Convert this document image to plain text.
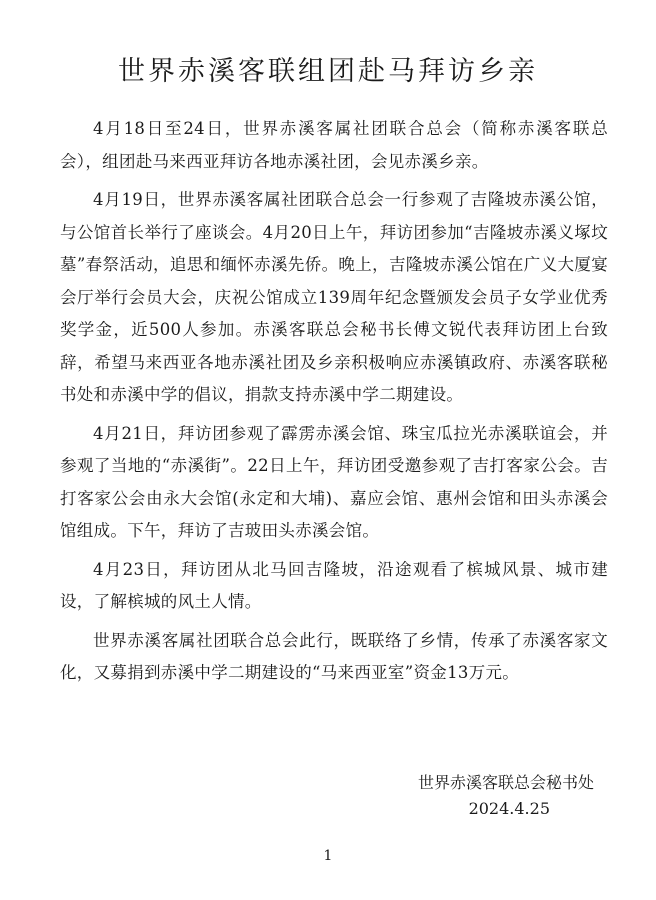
世界赤溪客联组团赴马拜访乡亲

4月18日至24日，世界赤溪客属社团联合总会（简称赤溪客联总会），组团赴马来西亚拜访各地赤溪社团，会见赤溪乡亲。

4月19日，世界赤溪客属社团联合总会一行参观了吉隆坡赤溪公馆，与公馆首长举行了座谈会。4月20日上午，拜访团参加“吉隆坡赤溪义塚坟墓”春祭活动，追思和缅怀赤溪先侨。晚上，吉隆坡赤溪公馆在广义大厦宴会厅举行会员大会，庆祝公馆成立139周年纪念暨颁发会员子女学业优秀奖学金，近500人参加。赤溪客联总会秘书长傅文锐代表拜访团上台致辞，希望马来西亚各地赤溪社团及乡亲积极响应赤溪镇政府、赤溪客联秘书处和赤溪中学的倡议，捐款支持赤溪中学二期建设。

4月21日，拜访团参观了霹雳赤溪会馆、珠宝瓜拉光赤溪联谊会，并参观了当地的“赤溪街”。22日上午，拜访团受邀参观了吉打客家公会。吉打客家公会由永大会馆(永定和大埔)、嘉应会馆、惠州会馆和田头赤溪会馆组成。下午，拜访了吉玻田头赤溪会馆。

4月23日，拜访团从北马回吉隆坡，沿途观看了槟城风景、城市建设，了解槟城的风土人情。

世界赤溪客属社团联合总会此行，既联络了乡情，传承了赤溪客家文化，又募捐到赤溪中学二期建设的“马来西亚室”资金13万元。

世界赤溪客联总会秘书处
2024.4.25
1
